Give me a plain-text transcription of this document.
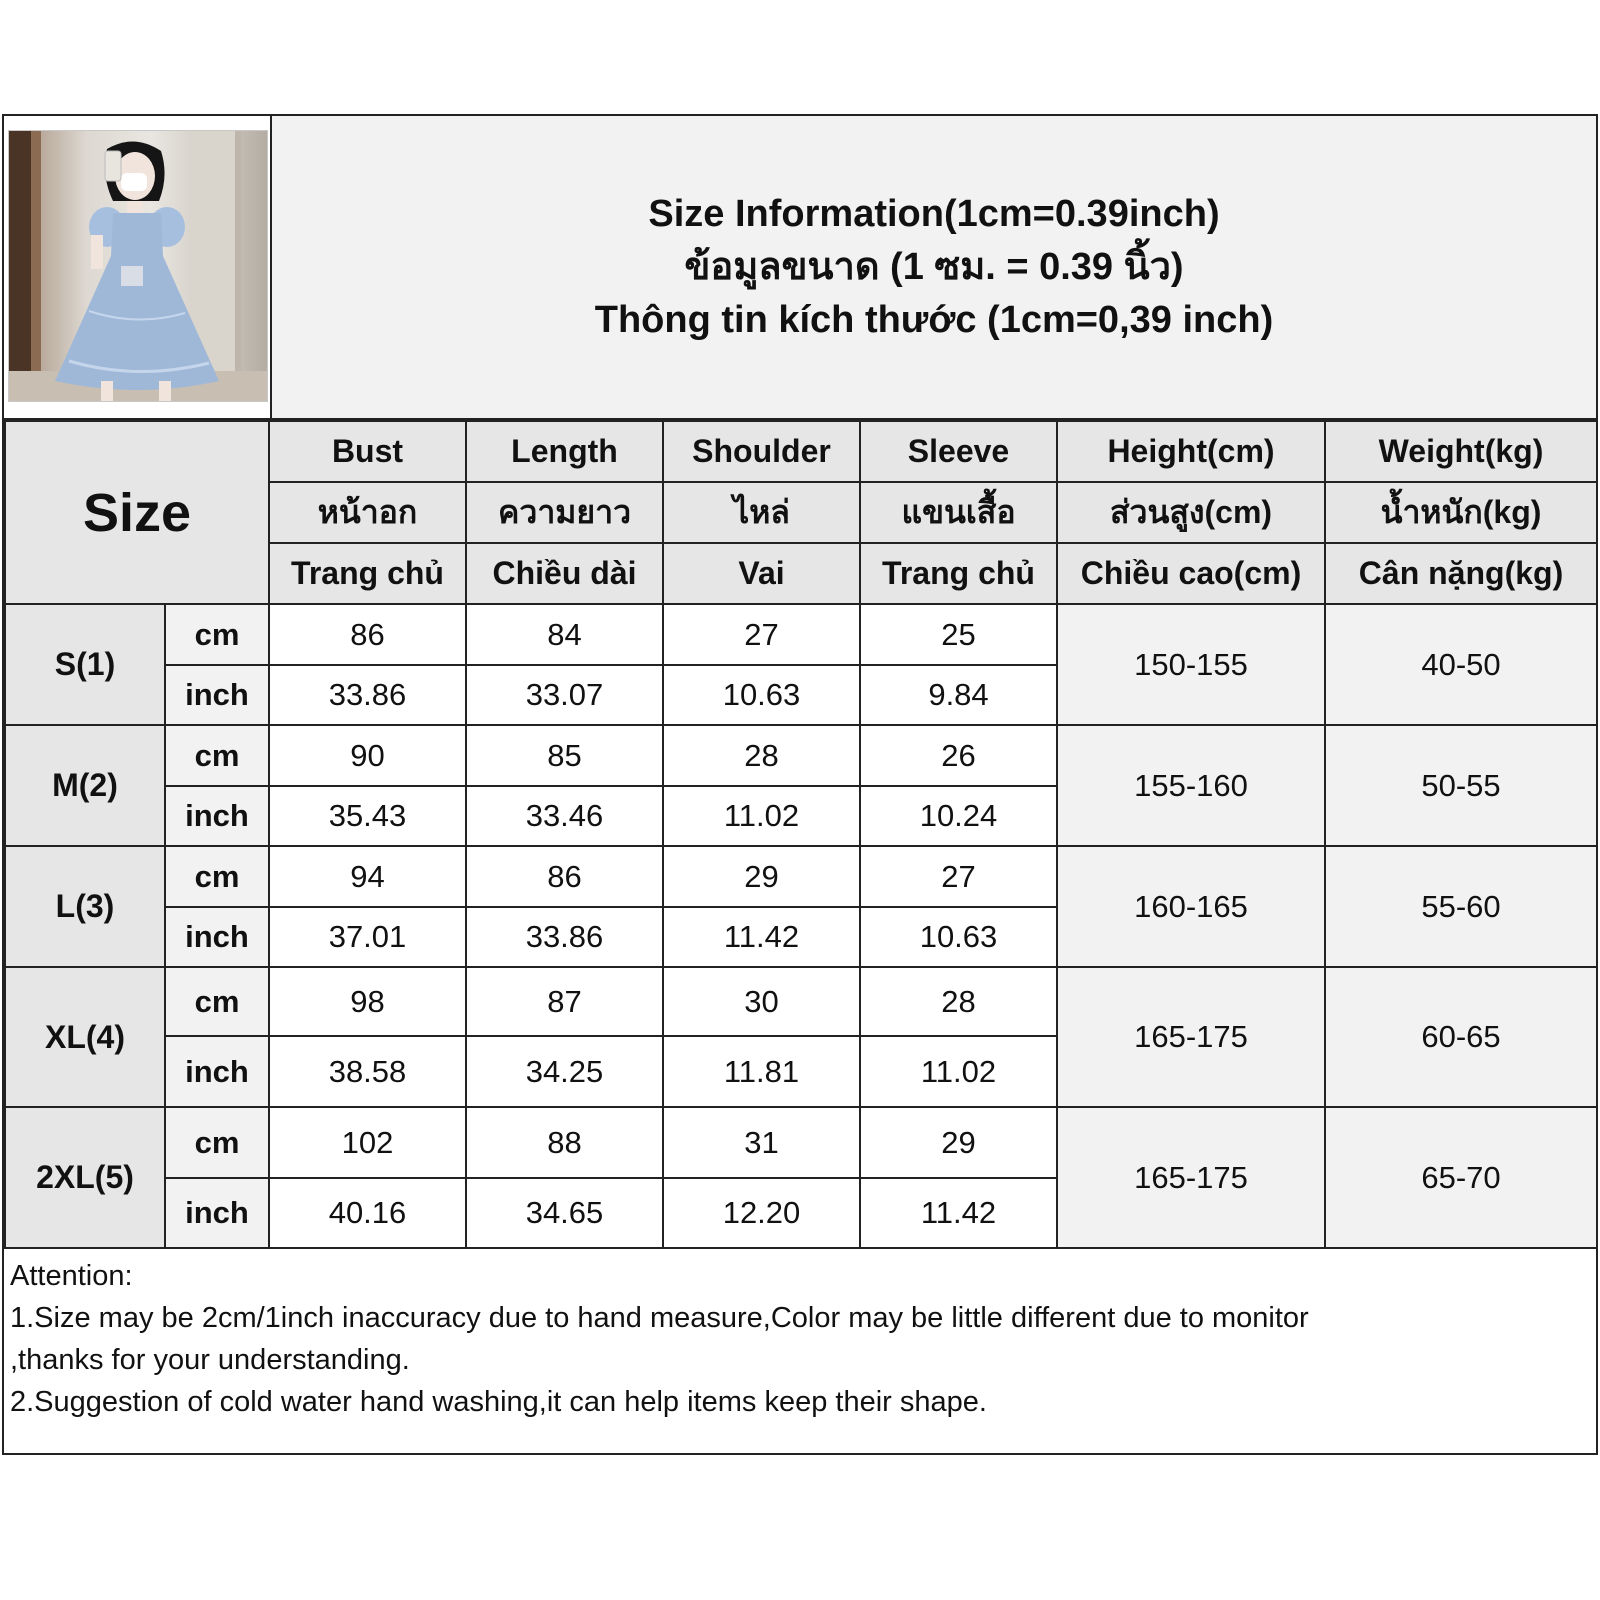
Size Information(1cm=0.39inch)
ข้อมูลขนาด (1 ซม. = 0.39 นิ้ว)
Thông tin kích thước (1cm=0,39 inch)
Size		Bust	Length	Shoulder	Sleeve	Height(cm)	Weight(kg)
		หน้าอก	ความยาว	ไหล่	แขนเสื้อ	ส่วนสูง(cm)	น้ำหนัก(kg)
		Trang chủ	Chiều dài	Vai	Trang chủ	Chiều cao(cm)	Cân nặng(kg)
S(1)	cm	86	84	27	25	150-155	40-50
	inch	33.86	33.07	10.63	9.84		
M(2)	cm	90	85	28	26	155-160	50-55
	inch	35.43	33.46	11.02	10.24		
L(3)	cm	94	86	29	27	160-165	55-60
	inch	37.01	33.86	11.42	10.63		
XL(4)	cm	98	87	30	28	165-175	60-65
	inch	38.58	34.25	11.81	11.02		
2XL(5)	cm	102	88	31	29	165-175	65-70
	inch	40.16	34.65	12.20	11.42		
Attention:
1.Size may be 2cm/1inch inaccuracy due to hand measure,Color may be little different due to monitor
,thanks for your understanding.
2.Suggestion of cold water hand washing,it can help items keep their shape.
